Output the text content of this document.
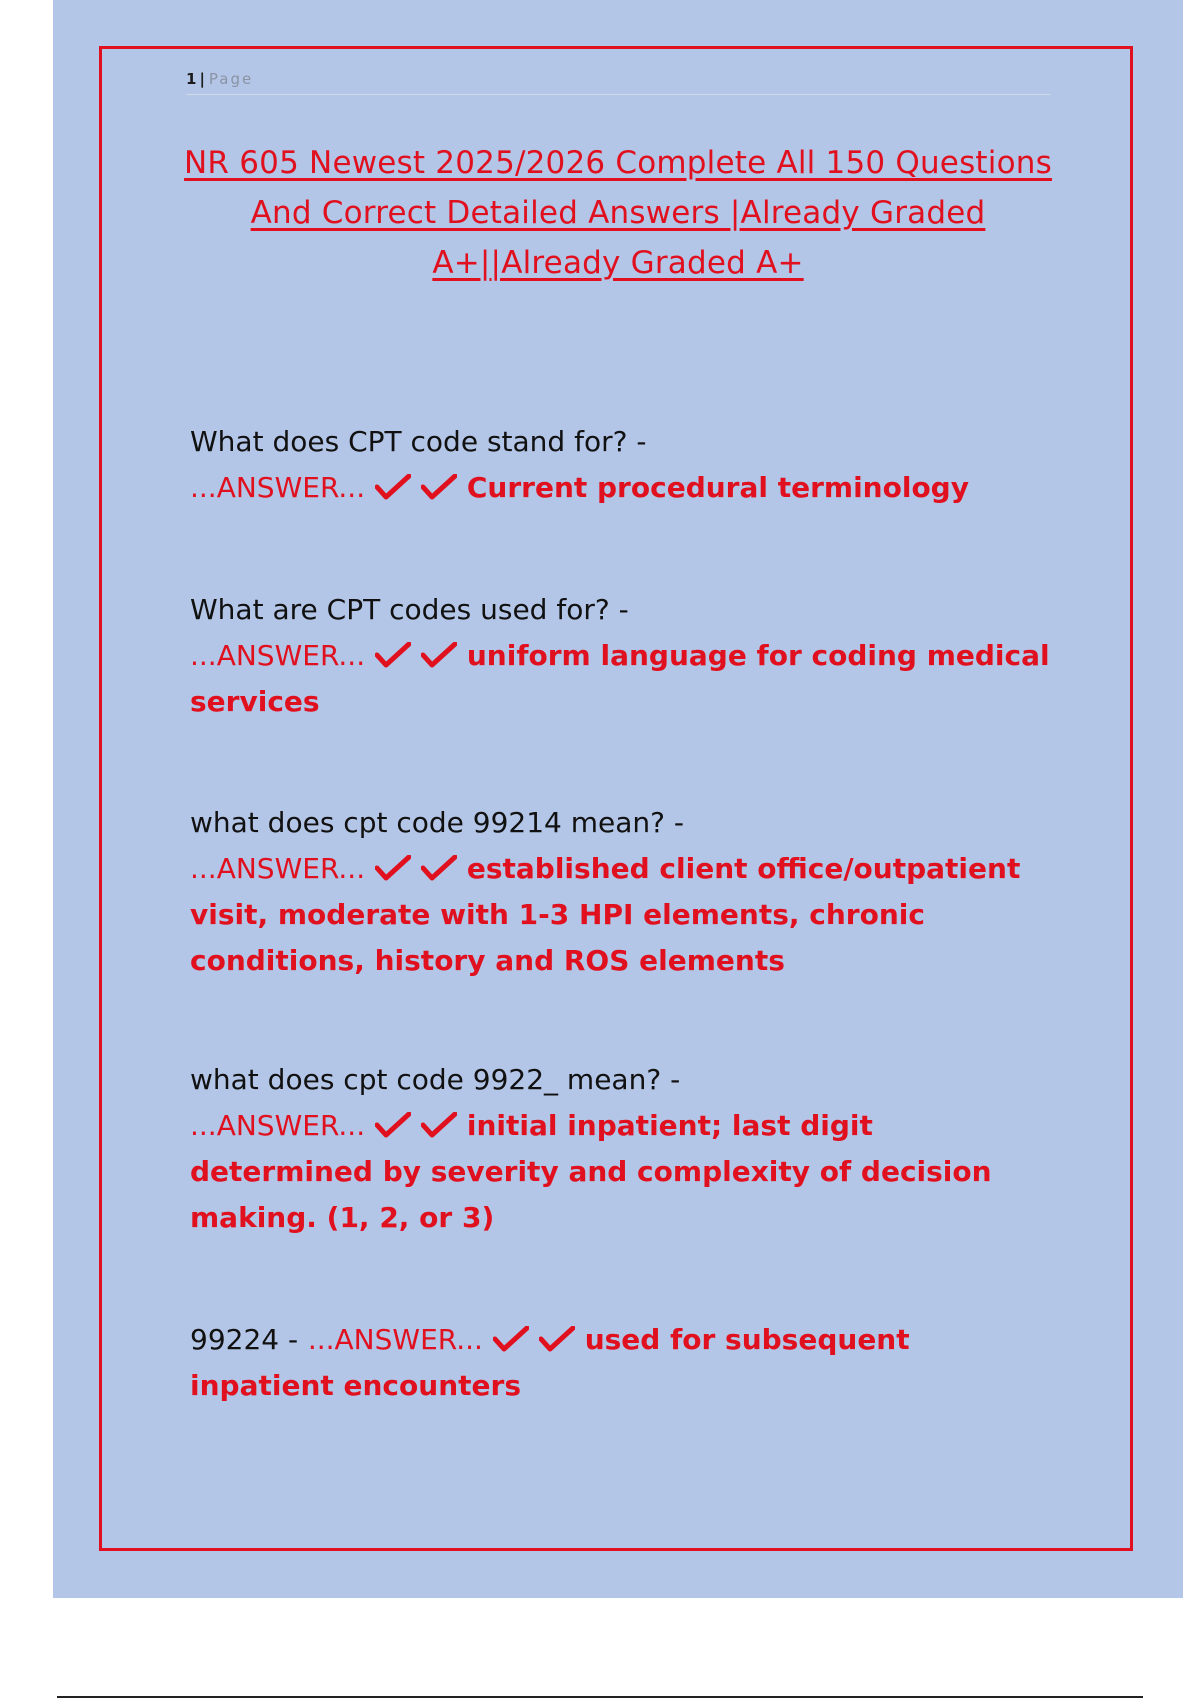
1 | Page
NR 605 Newest 2025/2026 Complete All 150 Questions And Correct Detailed Answers |Already Graded A+||Already Graded A+
What does CPT code stand for? -
...ANSWER...	Current procedural terminology
What are CPT codes used for? -
...ANSWER...	uniform language for coding medical services
what does cpt code 99214 mean? -
...ANSWER...	established client office/outpatient visit, moderate with 1-3 HPI elements, chronic conditions, history and ROS elements
what does cpt code 9922_ mean? -
...ANSWER...	initial inpatient; last digit determined by severity and complexity of decision making. (1, 2, or 3)
99224 - ...ANSWER...	used for subsequent inpatient encounters
